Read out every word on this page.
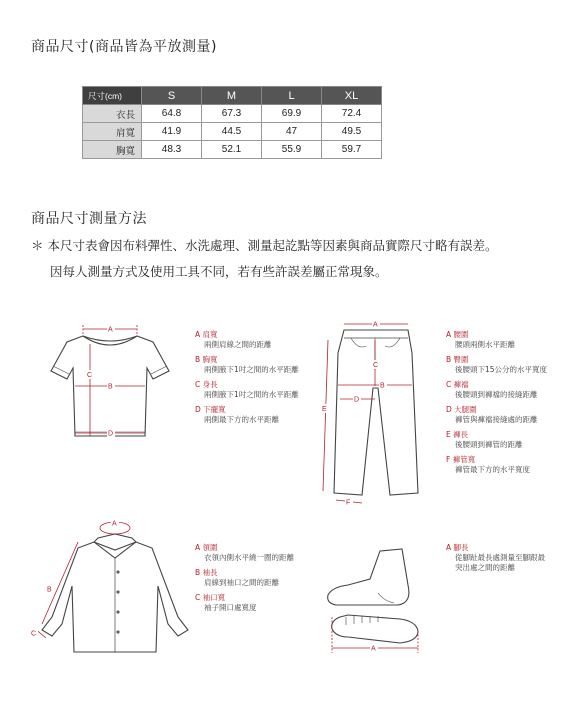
商品尺寸(商品皆為平放測量)
尺寸(cm)	S	M	L	XL
衣長	64.8	67.3	69.9	72.4
肩寬	41.9	44.5	47	49.5
胸寬	48.3	52.1	55.9	59.7
商品尺寸測量方法
＊ 本尺寸表會因布料彈性、水洗處理、測量起訖點等因素與商品實際尺寸略有誤差。
因每人測量方式及使用工具不同，若有些許誤差屬正常現象。
A
B
C
D
A 肩寬
兩側肩線之間的距離
B 胸寬
兩側腋下1吋之間的水平距離
C 身長
兩側腋下1吋之間的水平距離
D 下擺寬
兩側最下方的水平距離
A
B
C
D
E
F
A 腰圍
腰頭兩側水平距離
B 臀圍
後腰頭下15公分的水平寬度
C 褲襠
後腰頭到褲襠的接縫距離
D 大腿圍
褲管與褲襠接縫處的距離
E 褲長
後腰頭到褲管的距離
F 褲管寬
褲管最下方的水平寬度
A
B
C
A 領圍
衣領內側水平繞一圈的距離
B 袖長
肩線到袖口之間的距離
C 袖口寬
袖子開口處寬度
A
A 腳長
從腳趾最長處測量至腳跟最突出處之間的距離
